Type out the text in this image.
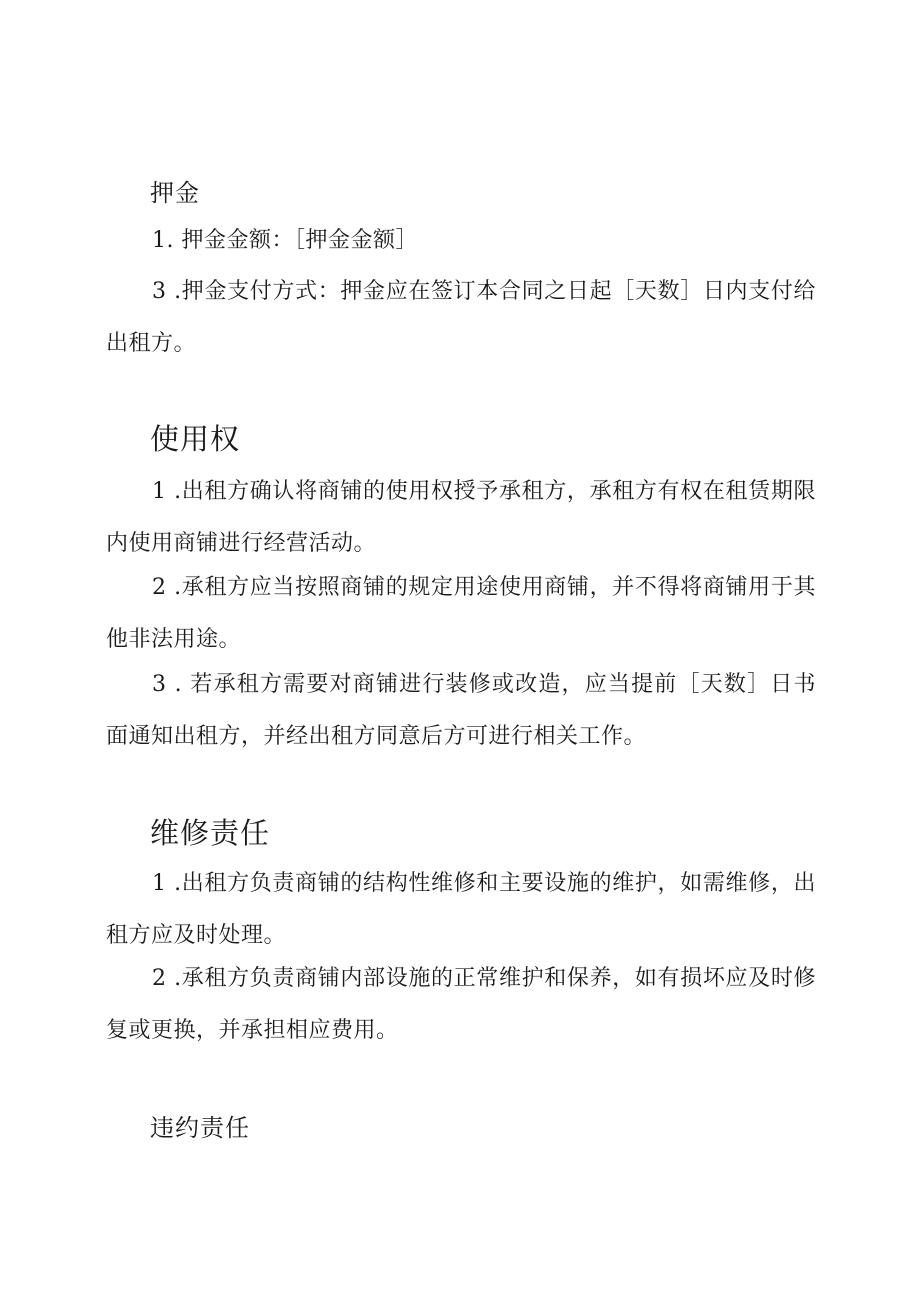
押金
1. 押金金额：［押金金额］
3 .押金支付方式：押金应在签订本合同之日起［天数］日内支付给出租方。
使用权
1 .出租方确认将商铺的使用权授予承租方，承租方有权在租赁期限内使用商铺进行经营活动。
2 .承租方应当按照商铺的规定用途使用商铺，并不得将商铺用于其他非法用途。
3 . 若承租方需要对商铺进行装修或改造，应当提前［天数］日书面通知出租方，并经出租方同意后方可进行相关工作。
维修责任
1 .出租方负责商铺的结构性维修和主要设施的维护，如需维修，出租方应及时处理。
2 .承租方负责商铺内部设施的正常维护和保养，如有损坏应及时修复或更换，并承担相应费用。
违约责任
